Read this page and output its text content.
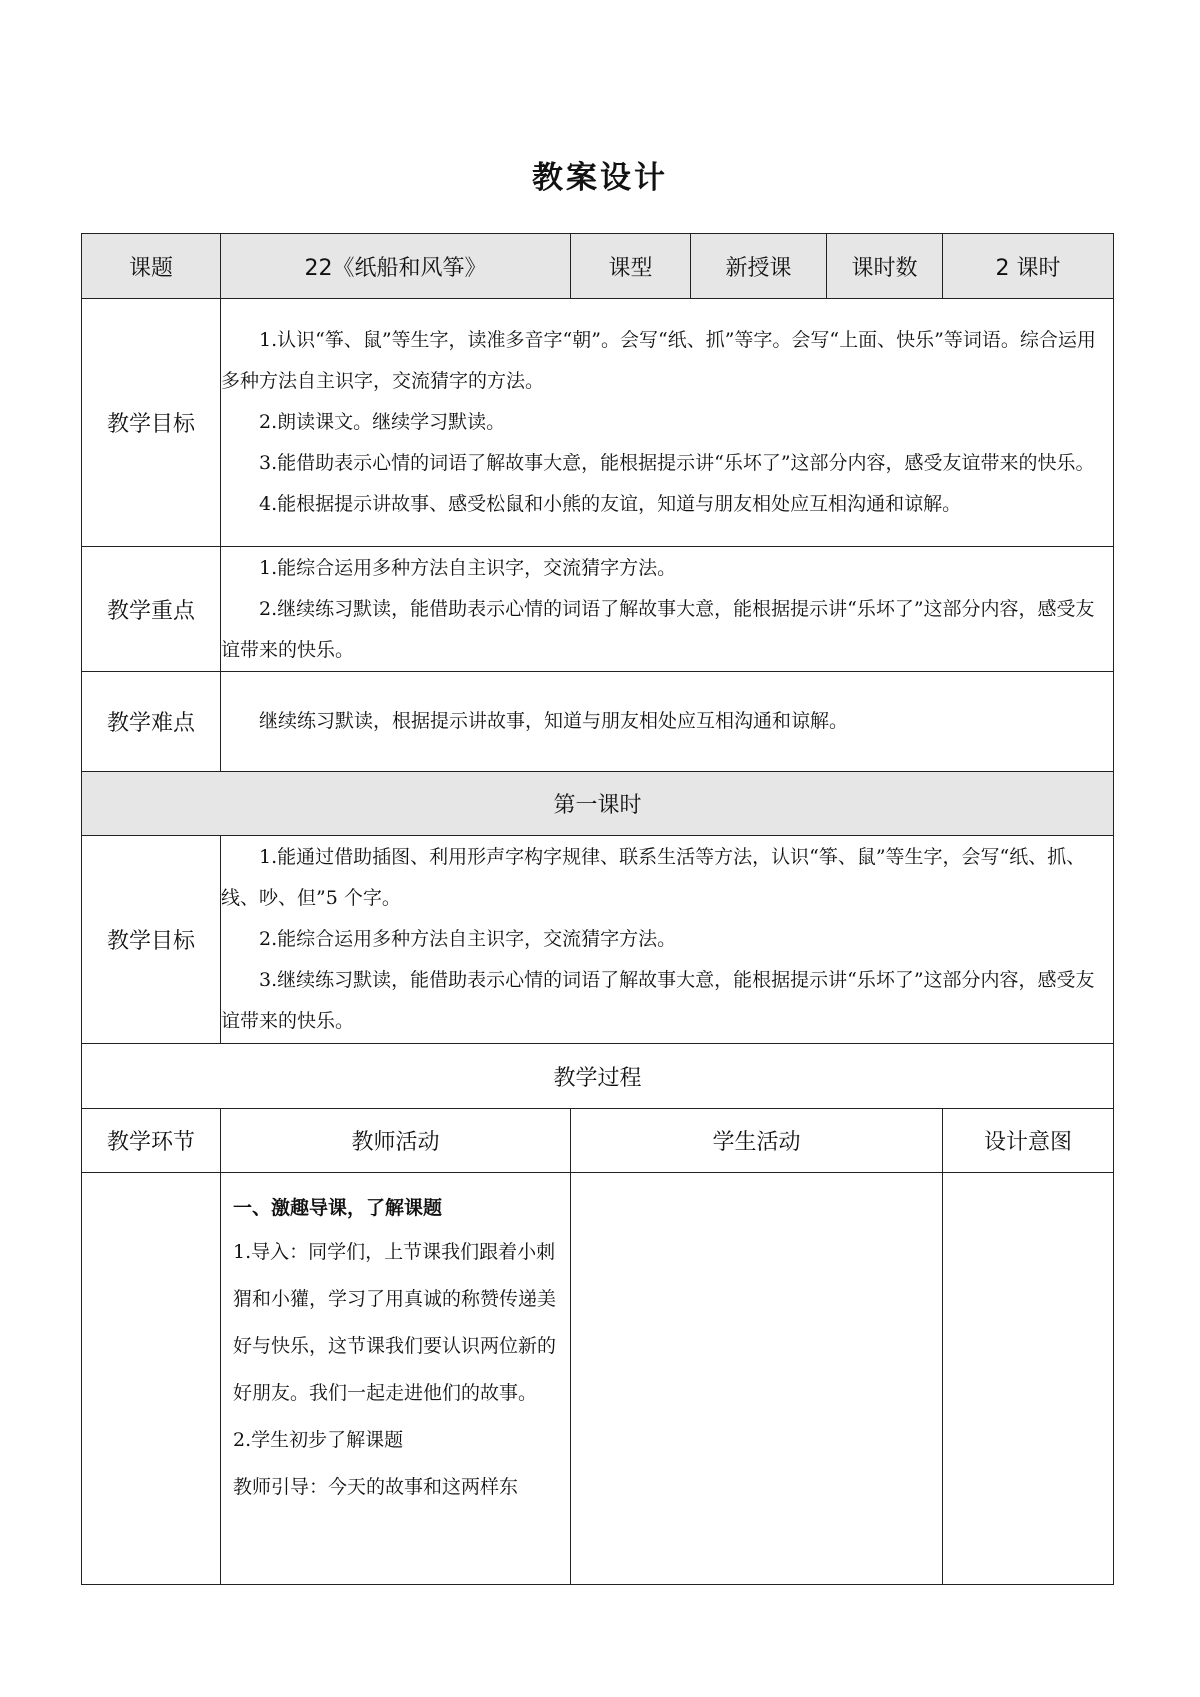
教案设计
课题	22《纸船和风筝》	课型	新授课	课时数	2 课时
教学目标	1.认识“筝、鼠”等生字，读准多音字“朝”。会写“纸、抓”等字。会写“上面、快乐”等词语。综合运用多种方法自主识字，交流猜字的方法。

2.朗读课文。继续学习默读。

3.能借助表示心情的词语了解故事大意，能根据提示讲“乐坏了”这部分内容，感受友谊带来的快乐。

4.能根据提示讲故事、感受松鼠和小熊的友谊，知道与朋友相处应互相沟通和谅解。				

教学重点	1.能综合运用多种方法自主识字，交流猜字方法。

2.继续练习默读，能借助表示心情的词语了解故事大意，能根据提示讲“乐坏了”这部分内容，感受友谊带来的快乐。				

教学难点	继续练习默读，根据提示讲故事，知道与朋友相处应互相沟通和谅解。				

第一课时					
教学目标	1.能通过借助插图、利用形声字构字规律、联系生活等方法，认识“筝、鼠”等生字，会写“纸、抓、线、吵、但”5 个字。

2.能综合运用多种方法自主识字，交流猜字方法。

3.继续练习默读，能借助表示心情的词语了解故事大意，能根据提示讲“乐坏了”这部分内容，感受友谊带来的快乐。				

教学过程					
教学环节	教师活动	学生活动			设计意图

	一、激趣导课，了解课题

1.导入：同学们，上节课我们跟着小刺猬和小獾，学习了用真诚的称赞传递美好与快乐，这节课我们要认识两位新的好朋友。我们一起走进他们的故事。

2.学生初步了解课题

教师引导：今天的故事和这两样东				
